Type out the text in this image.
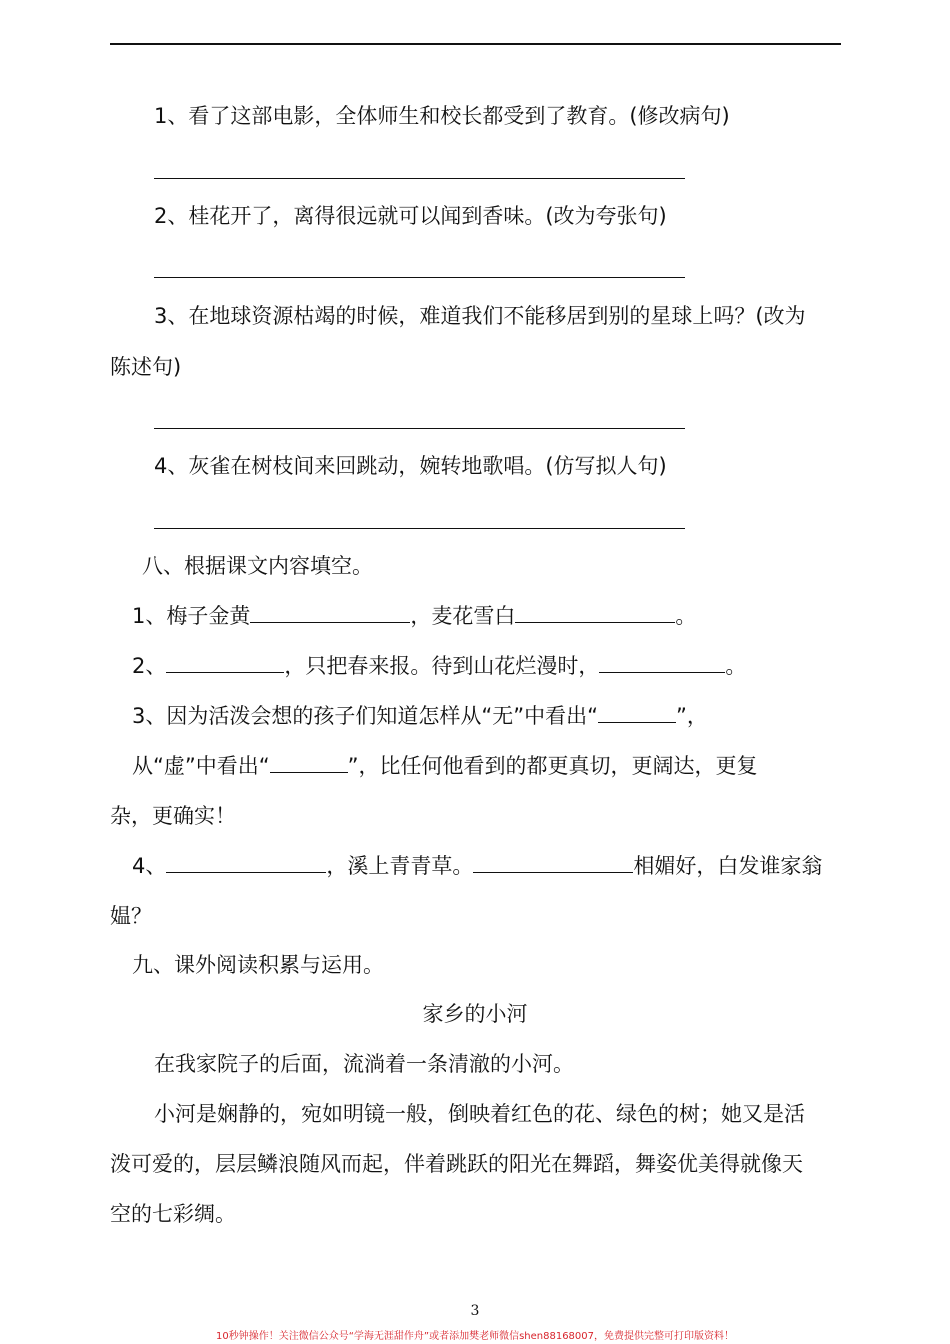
1、看了这部电影，全体师生和校长都受到了教育。(修改病句)
2、桂花开了，离得很远就可以闻到香味。(改为夸张句)
3、在地球资源枯竭的时候，难道我们不能移居到别的星球上吗？(改为
陈述句)
4、灰雀在树枝间来回跳动，婉转地歌唱。(仿写拟人句)
八、根据课文内容填空。
1、梅子金黄	，麦花雪白	。
2、	，只把春来报。待到山花烂漫时，	。
3、因为活泼会想的孩子们知道怎样从“无”中看出“	”，
从“虚”中看出“	”，比任何他看到的都更真切，更阔达，更复
杂，更确实！
4、	，溪上青青草。	相媚好，白发谁家翁
媪？
九、课外阅读积累与运用。
家乡的小河
在我家院子的后面，流淌着一条清澈的小河。
小河是娴静的，宛如明镜一般，倒映着红色的花、绿色的树；她又是活
泼可爱的，层层鳞浪随风而起，伴着跳跃的阳光在舞蹈，舞姿优美得就像天
空的七彩绸。
3
10秒钟操作！关注微信公众号“学海无涯甜作舟”或者添加樊老师微信shen88168007，免费提供完整可打印版资料！
